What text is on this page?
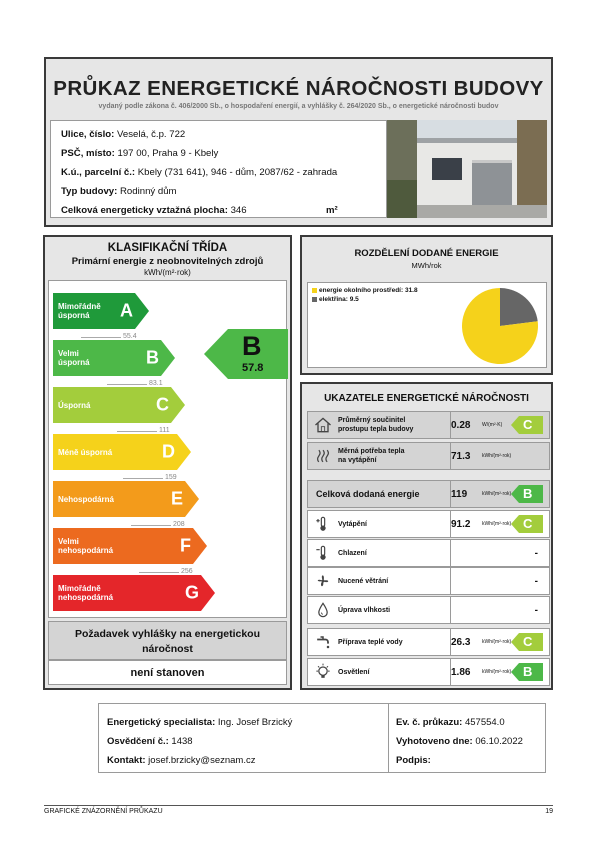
PRŮKAZ ENERGETICKÉ NÁROČNOSTI BUDOVY
vydaný podle zákona č. 406/2000 Sb., o hospodaření energií, a vyhlášky č. 264/2020 Sb., o energetické náročnosti budov
Ulice, číslo: Veselá, č.p. 722
PSČ, místo: 197 00, Praha 9 - Kbely
K.ú., parcelní č.: Kbely (731 641), 946 - dům, 2087/62 - zahrada
Typ budovy: Rodinný dům
Celková energeticky vztažná plocha: 346	m²
KLASIFIKAČNÍ TŘÍDA
Primární energie z neobnovitelných zdrojů
kWh/(m²·rok)
Mimořádně
úsporná	A
55.4
Velmi
úsporná	B
83.1
Úsporná	C
111
Méně úsporná	D
159
Nehospodárná	E
208
Velmi
nehospodárná	F
256
Mimořádně
nehospodárná	G
B
57.8
Požadavek vyhlášky na energetickou náročnost
není stanoven
ROZDĚLENÍ DODANÉ ENERGIE
MWh/rok
energie okolního prostředí: 31.8
elektřina: 9.5
UKAZATELE ENERGETICKÉ NÁROČNOSTI
Průměrný součinitel
prostupu tepla budovy	0.28 W/(m²·K) C
Měrná potřeba tepla
na vytápění	71.3 kWh/(m²·rok)
Celková dodaná energie	119	kWh/(m²·rok) B
Vytápění	91.2 kWh/(m²·rok) C
Chlazení	-
Nucené větrání	-
Úprava vlhkosti	-
Příprava teplé vody	26.3 kWh/(m²·rok) C
Osvětlení	1.86 kWh/(m²·rok) B
Energetický specialista: Ing. Josef Brzický
Osvědčení č.: 1438
Kontakt: josef.brzicky@seznam.cz
Ev. č. průkazu: 457554.0
Vyhotoveno dne: 06.10.2022
Podpis:
GRAFICKÉ ZNÁZORNĚNÍ PRŮKAZU	19
